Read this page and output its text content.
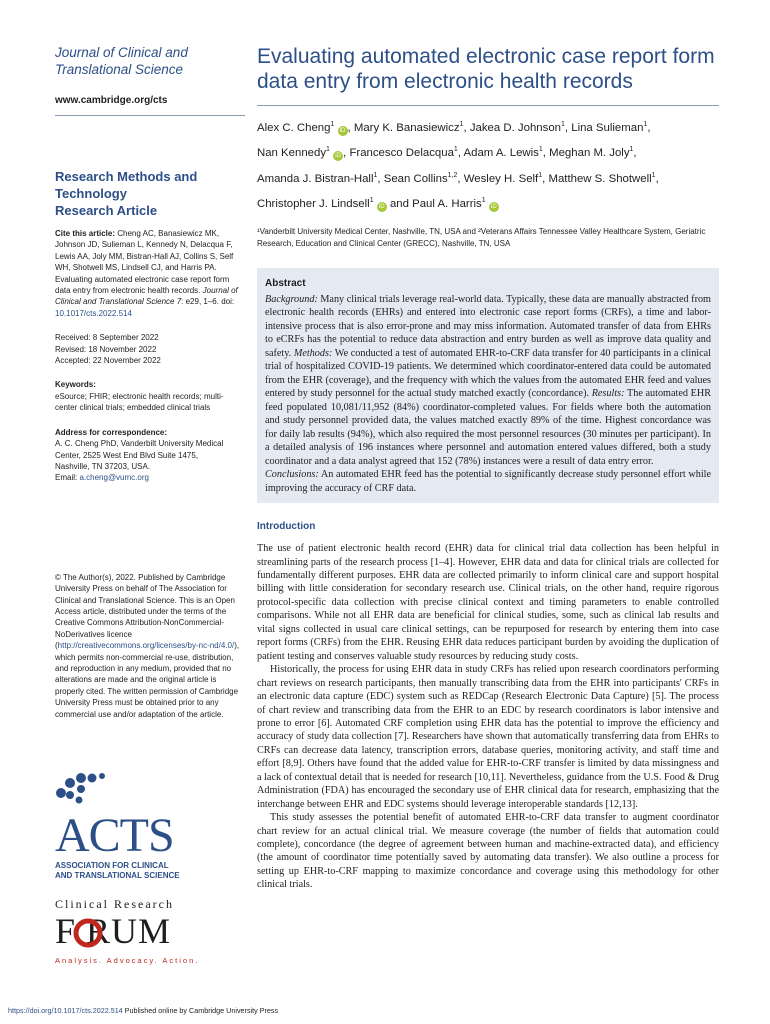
Journal of Clinical and
Translational Science
www.cambridge.org/cts
Research Methods and
Technology
Research Article
Cite this article: Cheng AC, Banasiewicz MK, Johnson JD, Sulieman L, Kennedy N, Delacqua F, Lewis AA, Joly MM, Bistran-Hall AJ, Collins S, Self WH, Shotwell MS, Lindsell CJ, and Harris PA. Evaluating automated electronic case report form data entry from electronic health records. Journal of Clinical and Translational Science 7: e29, 1–6. doi: 10.1017/cts.2022.514
Received: 8 September 2022
Revised: 18 November 2022
Accepted: 22 November 2022
Keywords:
eSource; FHIR; electronic health records; multi-center clinical trials; embedded clinical trials
Address for correspondence:
A. C. Cheng PhD, Vanderbilt University Medical
Center, 2525 West End Blvd Suite 1475,
Nashville, TN 37203, USA.
Email: a.cheng@vumc.org
© The Author(s), 2022. Published by Cambridge University Press on behalf of The Association for Clinical and Translational Science. This is an Open Access article, distributed under the terms of the Creative Commons Attribution-NonCommercial-NoDerivatives licence (http://creativecommons.org/licenses/by-nc-nd/4.0/), which permits non-commercial re-use, distribution, and reproduction in any medium, provided that no alterations are made and the original article is properly cited. The written permission of Cambridge University Press must be obtained prior to any commercial use and/or adaptation of the article.
ACTS
ASSOCIATION FOR CLINICAL
AND TRANSLATIONAL SCIENCE
Clinical Research
F RUM
Analysis. Advocacy. Action.
Evaluating automated electronic case report form data entry from electronic health records
Alex C. Cheng$^1$ iD , Mary K. Banasiewicz$^1$, Jakea D. Johnson$^1$, Lina Sulieman$^1$,
Nan Kennedy$^1$ iD , Francesco Delacqua$^1$, Adam A. Lewis$^1$, Meghan M. Joly$^1$,
Amanda J. Bistran-Hall$^1$, Sean Collins$^{1,2}$, Wesley H. Self$^1$, Matthew S. Shotwell$^1$,
Christopher J. Lindsell$^1$ iD and Paul A. Harris$^1$ iD
¹Vanderbilt University Medical Center, Nashville, TN, USA and ²Veterans Affairs Tennessee Valley Healthcare System, Geriatric Research, Education and Clinical Center (GRECC), Nashville, TN, USA
Abstract

Background: Many clinical trials leverage real-world data. Typically, these data are manually abstracted from electronic health records (EHRs) and entered into electronic case report forms (CRFs), a time and labor-intensive process that is also error-prone and may miss information. Automated transfer of data from EHRs to eCRFs has the potential to reduce data abstraction and entry burden as well as improve data quality and safety. Methods: We conducted a test of automated EHR-to-CRF data transfer for 40 participants in a clinical trial of hospitalized COVID-19 patients. We determined which coordinator-entered data could be automated from the EHR (coverage), and the frequency with which the values from the automated EHR feed and values entered by study personnel for the actual study matched exactly (concordance). Results: The automated EHR feed populated 10,081/11,952 (84%) coordinator-completed values. For fields where both the automation and study personnel provided data, the values matched exactly 89% of the time. Highest concordance was for daily lab results (94%), which also required the most personnel resources (30 minutes per participant). In a detailed analysis of 196 instances where personnel and automation entered values differed, both a study coordinator and a data analyst agreed that 152 (78%) instances were a result of data entry error.
Conclusions: An automated EHR feed has the potential to significantly decrease study personnel effort while improving the accuracy of CRF data.

Introduction

The use of patient electronic health record (EHR) data for clinical trial data collection has been helpful in streamlining parts of the research process [1–4]. However, EHR data and data for clinical trials are collected for fundamentally different purposes. EHR data are collected primarily to inform clinical care and support hospital billing with little consideration for secondary research use. Clinical trials, on the other hand, require rigorous protocol-specific data collection with precise clinical context and timing parameters to enable controlled comparisons. While not all EHR data are beneficial for clinical studies, some, such as clinical lab results and vital signs collected in usual care clinical settings, can be repurposed for research by entering them into case report forms (CRFs) from the EHR. Reusing EHR data reduces participant burden by avoiding the duplication of patient testing and conserves valuable study resources by reducing study costs.

Historically, the process for using EHR data in study CRFs has relied upon research coordinators performing chart reviews on research participants, then manually transcribing data from the EHR into participants' CRFs in an electronic data capture (EDC) system such as REDCap (Research Electronic Data Capture) [5]. The process of chart review and transcribing data from the EHR to an EDC by research coordinators is labor intensive and prone to error [6]. Automated CRF completion using EHR data has the potential to improve the efficiency and accuracy of study data collection [7]. Researchers have shown that automatically transferring data from EHRs to CRFs can decrease data latency, transcription errors, database queries, monitoring activity, and staff time and effort [8,9]. Others have found that the added value for EHR-to-CRF transfer is limited by data missingness and a lack of contextual detail that is needed for research [10,11]. Nevertheless, guidance from the U.S. Food & Drug Administration (FDA) has encouraged the secondary use of EHR clinical data for research, emphasizing that the interchange between EHR and EDC systems should leverage interoperable standards [12,13].

This study assesses the potential benefit of automated EHR-to-CRF data transfer to augment coordinator chart review for an actual clinical trial. We measure coverage (the number of fields that automation could complete), concordance (the degree of agreement between human and machine-extracted data), and efficiency (the amount of coordinator time potentially saved by automating data transfer). We also outline a process for setting up EHR-to-CRF mapping to maximize concordance and coverage using this methodology for other clinical trials.

https://doi.org/10.1017/cts.2022.514 Published online by Cambridge University Press
